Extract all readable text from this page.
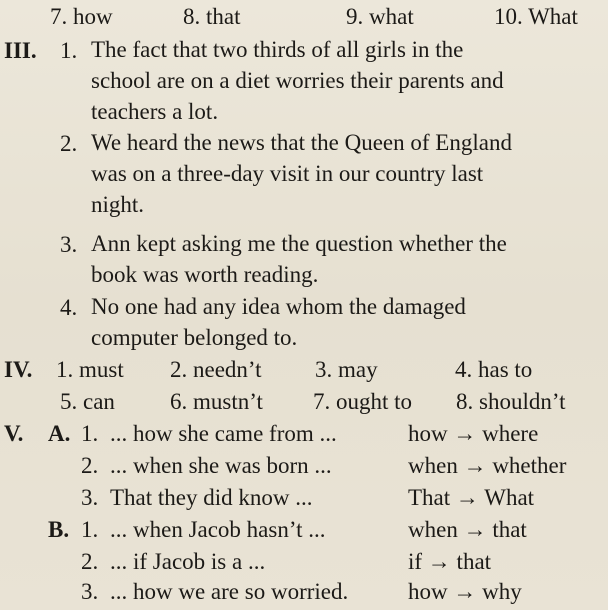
7. how	8. that	9. what	10. What
III. 1. The fact that two thirds of all girls in the
school are on a diet worries their parents and
teachers a lot.
2. We heard the news that the Queen of England
was on a three-day visit in our country last
night.
3. Ann kept asking me the question whether the
book was worth reading.
4. No one had any idea whom the damaged
computer belonged to.
IV. 1. must 2. needn’t 3. may	4. has to
5. can 6. mustn’t 7. ought to 8. shouldn’t
V. A. 1. ... how she came from ...	how → where
2. ... when she was born ...	when → whether
3. That they did know ...	That → What
B. 1. ... when Jacob hasn’t ...	when → that
2. ... if Jacob is a ...	if → that
3. ... how we are so worried.	how → why
